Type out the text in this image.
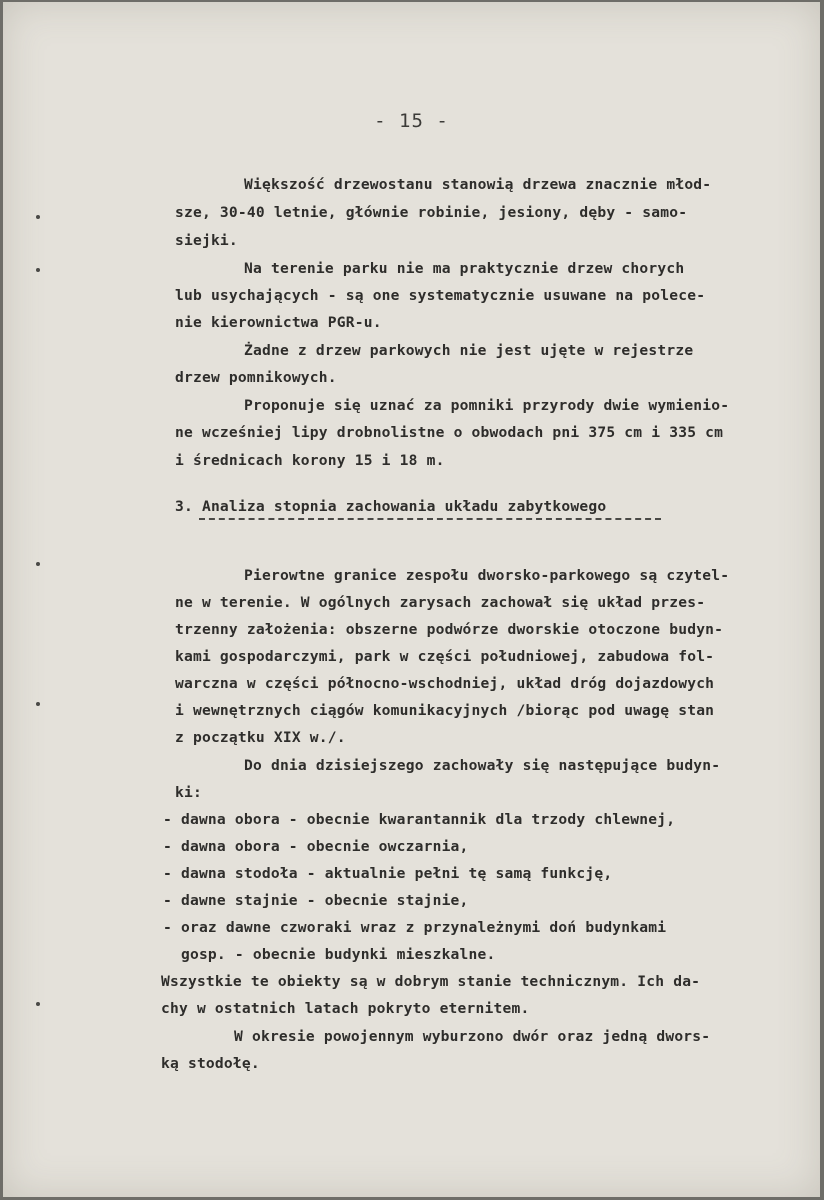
- 15 -
Większość drzewostanu stanowią drzewa znacznie młod-
sze, 30-40 letnie, głównie robinie, jesiony, dęby - samo-
siejki.
Na terenie parku nie ma praktycznie drzew chorych
lub usychających - są one systematycznie usuwane na polece-
nie kierownictwa PGR-u.
Żadne z drzew parkowych nie jest ujęte w rejestrze
drzew pomnikowych.
Proponuje się uznać za pomniki przyrody dwie wymienio-
ne wcześniej lipy drobnolistne o obwodach pni 375 cm i 335 cm
i średnicach korony 15 i 18 m.
3. Analiza stopnia zachowania układu zabytkowego
Pierowtne granice zespołu dworsko-parkowego są czytel-
ne w terenie. W ogólnych zarysach zachował się układ przes-
trzenny założenia: obszerne podwórze dworskie otoczone budyn-
kami gospodarczymi, park w części południowej, zabudowa fol-
warczna w części północno-wschodniej, układ dróg dojazdowych
i wewnętrznych ciągów komunikacyjnych /biorąc pod uwagę stan
z początku XIX w./.
Do dnia dzisiejszego zachowały się następujące budyn-
ki:
- dawna obora - obecnie kwarantannik dla trzody chlewnej,
- dawna obora - obecnie owczarnia,
- dawna stodoła - aktualnie pełni tę samą funkcję,
- dawne stajnie - obecnie stajnie,
- oraz dawne czworaki wraz z przynależnymi doń budynkami
gosp. - obecnie budynki mieszkalne.
Wszystkie te obiekty są w dobrym stanie technicznym. Ich da-
chy w ostatnich latach pokryto eternitem.
W okresie powojennym wyburzono dwór oraz jedną dwors-
ką stodołę.
